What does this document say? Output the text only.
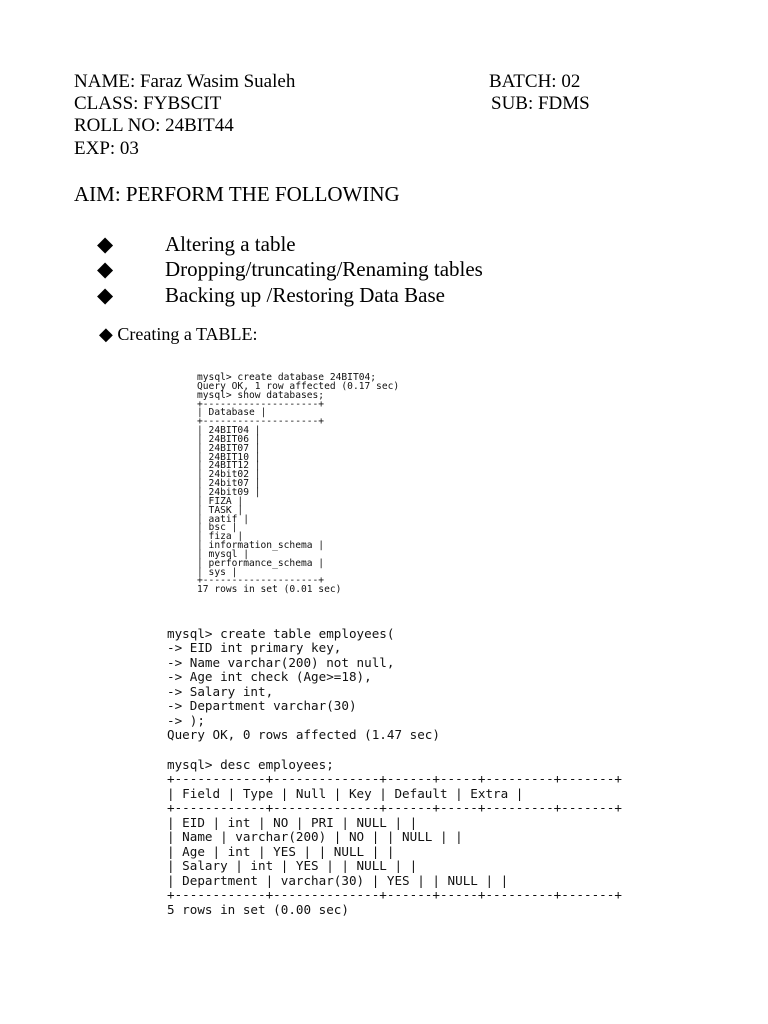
NAME: Faraz Wasim Sualeh	BATCH: 02
CLASS: FYBSCIT	SUB: FDMS
ROLL NO: 24BIT44
EXP: 03
AIM: PERFORM THE FOLLOWING
◆ Altering a table
◆ Dropping/truncating/Renaming tables
◆ Backing up /Restoring Data Base
◆ Creating a TABLE:
mysql> create database 24BIT04;
Query OK, 1 row affected (0.17 sec)
mysql> show databases;
+--------------------+
| Database |
+--------------------+
| 24BIT04 |
| 24BIT06 |
| 24BIT07 |
| 24BIT10 |
| 24BIT12 |
| 24bit02 |
| 24bit07 |
| 24bit09 |
| FIZA |
| TASK |
| aatif |
| bsc |
| fiza |
| information_schema |
| mysql |
| performance_schema |
| sys |
+--------------------+
17 rows in set (0.01 sec)
mysql> create table employees(
-> EID int primary key,
-> Name varchar(200) not null,
-> Age int check (Age>=18),
-> Salary int,
-> Department varchar(30)
-> );
Query OK, 0 rows affected (1.47 sec)
mysql> desc employees;
+------------+--------------+------+-----+---------+-------+
| Field | Type | Null | Key | Default | Extra |
+------------+--------------+------+-----+---------+-------+
| EID | int | NO | PRI | NULL | |
| Name | varchar(200) | NO | | NULL | |
| Age | int | YES | | NULL | |
| Salary | int | YES | | NULL | |
| Department | varchar(30) | YES | | NULL | |
+------------+--------------+------+-----+---------+-------+
5 rows in set (0.00 sec)
